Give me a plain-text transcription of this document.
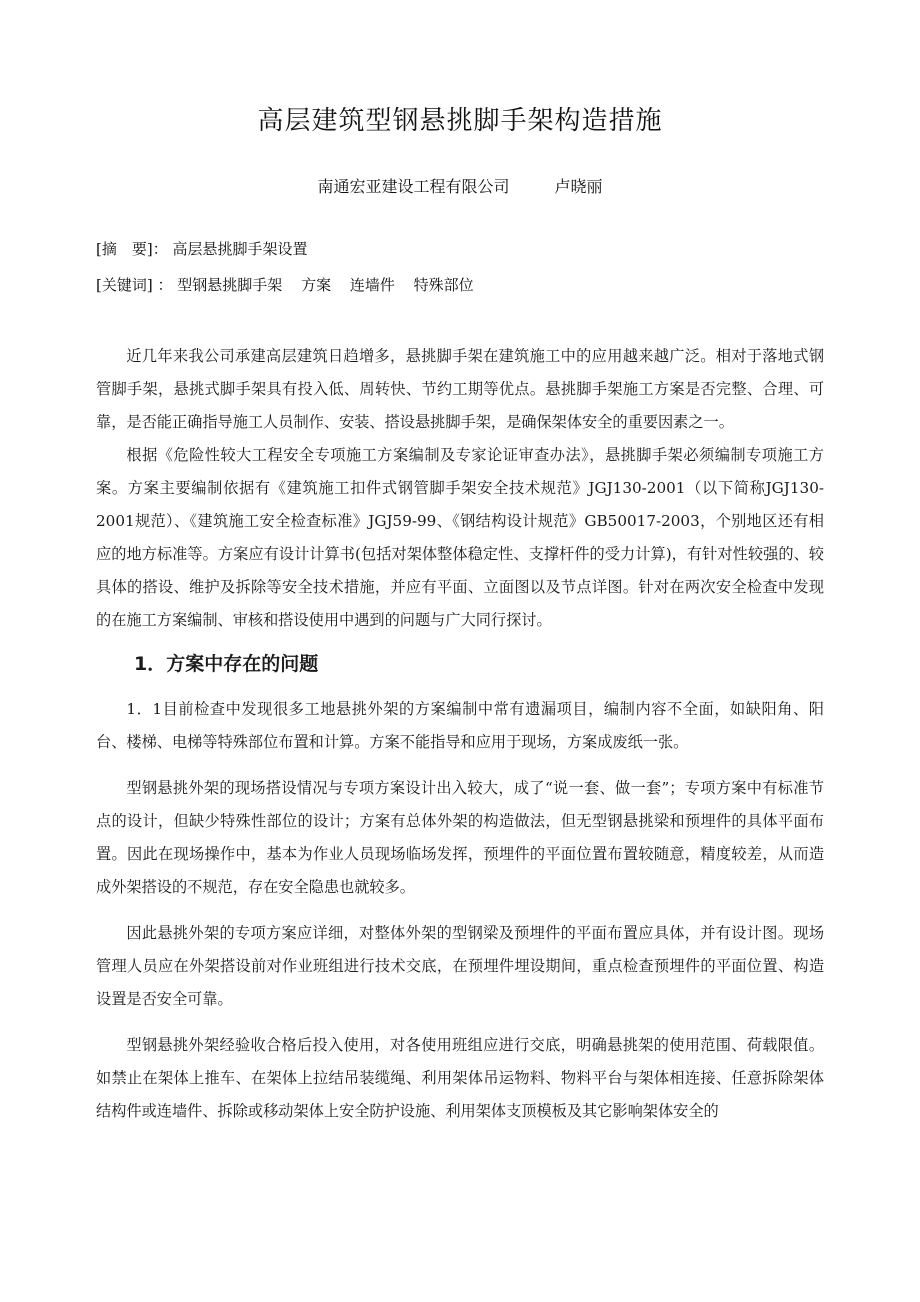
高层建筑型钢悬挑脚手架构造措施
南通宏亚建设工程有限公司	卢晓丽
[摘　要]： 高层悬挑脚手架设置
[关键词] ： 型钢悬挑脚手架 方案 连墙件 特殊部位

近几年来我公司承建高层建筑日趋增多，悬挑脚手架在建筑施工中的应用越来越广泛。相对于落地式钢管脚手架，悬挑式脚手架具有投入低、周转快、节约工期等优点。悬挑脚手架施工方案是否完整、合理、可靠，是否能正确指导施工人员制作、安装、搭设悬挑脚手架，是确保架体安全的重要因素之一。

根据《危险性较大工程安全专项施工方案编制及专家论证审查办法》，悬挑脚手架必须编制专项施工方案。方案主要编制依据有《建筑施工扣件式钢管脚手架安全技术规范》JGJ130-2001（以下简称JGJ130-2001规范）、《建筑施工安全检查标准》JGJ59-99、《钢结构设计规范》GB50017-2003，个别地区还有相应的地方标准等。方案应有设计计算书(包括对架体整体稳定性、支撑杆件的受力计算)，有针对性较强的、较具体的搭设、维护及拆除等安全技术措施，并应有平面、立面图以及节点详图。针对在两次安全检查中发现的在施工方案编制、审核和搭设使用中遇到的问题与广大同行探讨。

1．方案中存在的问题

1．1目前检查中发现很多工地悬挑外架的方案编制中常有遗漏项目，编制内容不全面，如缺阳角、阳台、楼梯、电梯等特殊部位布置和计算。方案不能指导和应用于现场，方案成废纸一张。

型钢悬挑外架的现场搭设情况与专项方案设计出入较大，成了“说一套、做一套”；专项方案中有标准节点的设计，但缺少特殊性部位的设计；方案有总体外架的构造做法，但无型钢悬挑梁和预埋件的具体平面布置。因此在现场操作中，基本为作业人员现场临场发挥，预埋件的平面位置布置较随意，精度较差，从而造成外架搭设的不规范，存在安全隐患也就较多。

因此悬挑外架的专项方案应详细，对整体外架的型钢梁及预埋件的平面布置应具体，并有设计图。现场管理人员应在外架搭设前对作业班组进行技术交底，在预埋件埋设期间，重点检查预埋件的平面位置、构造设置是否安全可靠。

型钢悬挑外架经验收合格后投入使用，对各使用班组应进行交底，明确悬挑架的使用范围、荷载限值。如禁止在架体上推车、在架体上拉结吊装缆绳、利用架体吊运物料、物料平台与架体相连接、任意拆除架体结构件或连墙件、拆除或移动架体上安全防护设施、利用架体支顶模板及其它影响架体安全的
